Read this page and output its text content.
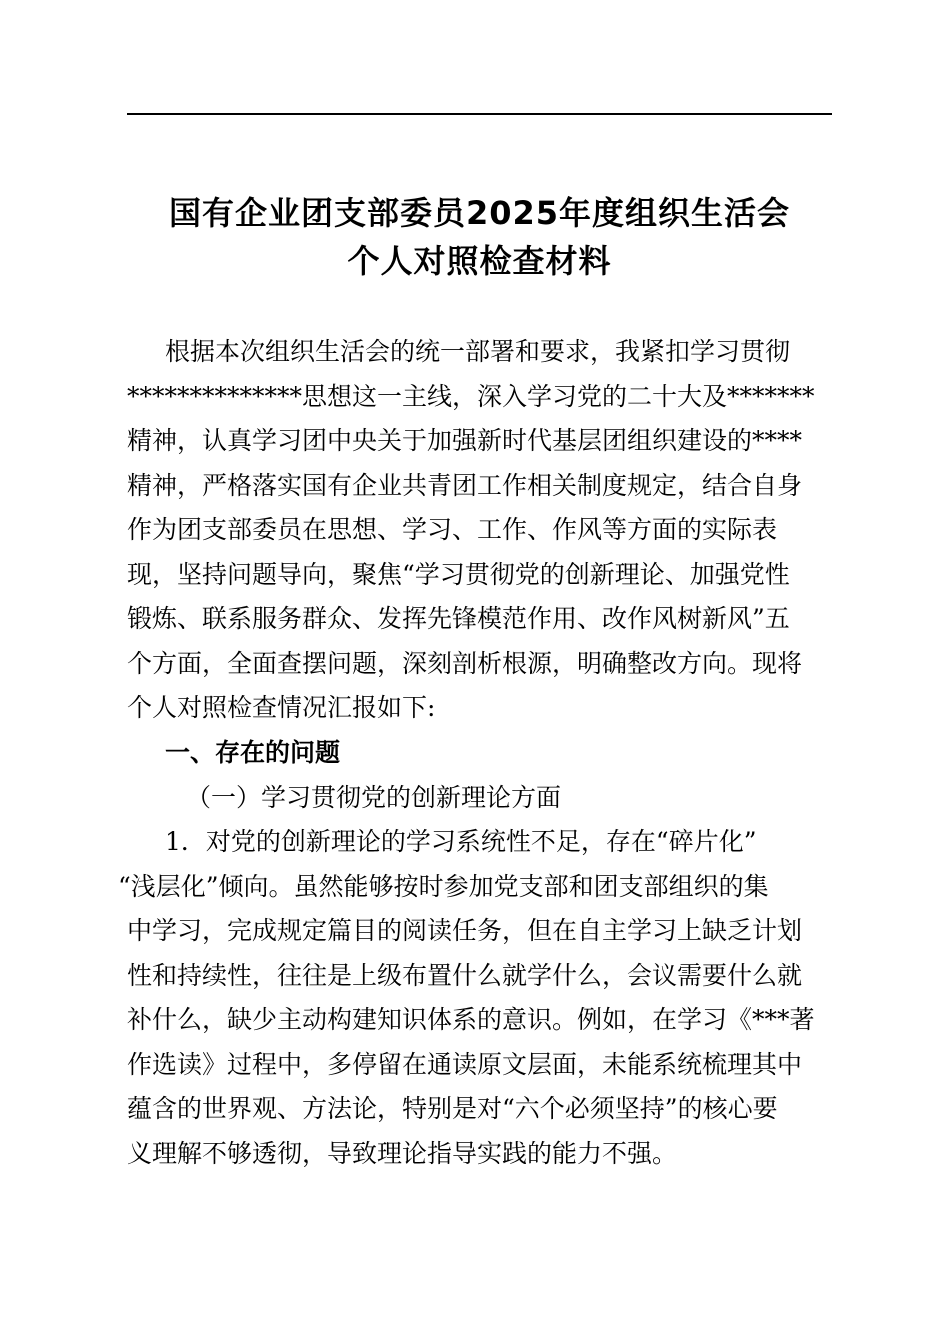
国有企业团支部委员2025年度组织生活会
个人对照检查材料
根据本次组织生活会的统一部署和要求，我紧扣学习贯彻
**************思想这一主线，深入学习党的二十大及*******
精神，认真学习团中央关于加强新时代基层团组织建设的****
精神，严格落实国有企业共青团工作相关制度规定，结合自身
作为团支部委员在思想、学习、工作、作风等方面的实际表
现，坚持问题导向，聚焦“学习贯彻党的创新理论、加强党性
锻炼、联系服务群众、发挥先锋模范作用、改作风树新风”五
个方面，全面查摆问题，深刻剖析根源，明确整改方向。现将
个人对照检查情况汇报如下:
一、存在的问题
（一）学习贯彻党的创新理论方面
1．对党的创新理论的学习系统性不足，存在“碎片化”
“浅层化”倾向。虽然能够按时参加党支部和团支部组织的集
中学习，完成规定篇目的阅读任务，但在自主学习上缺乏计划
性和持续性，往往是上级布置什么就学什么，会议需要什么就
补什么，缺少主动构建知识体系的意识。例如，在学习《***著
作选读》过程中，多停留在通读原文层面，未能系统梳理其中
蕴含的世界观、方法论，特别是对“六个必须坚持”的核心要
义理解不够透彻，导致理论指导实践的能力不强。
